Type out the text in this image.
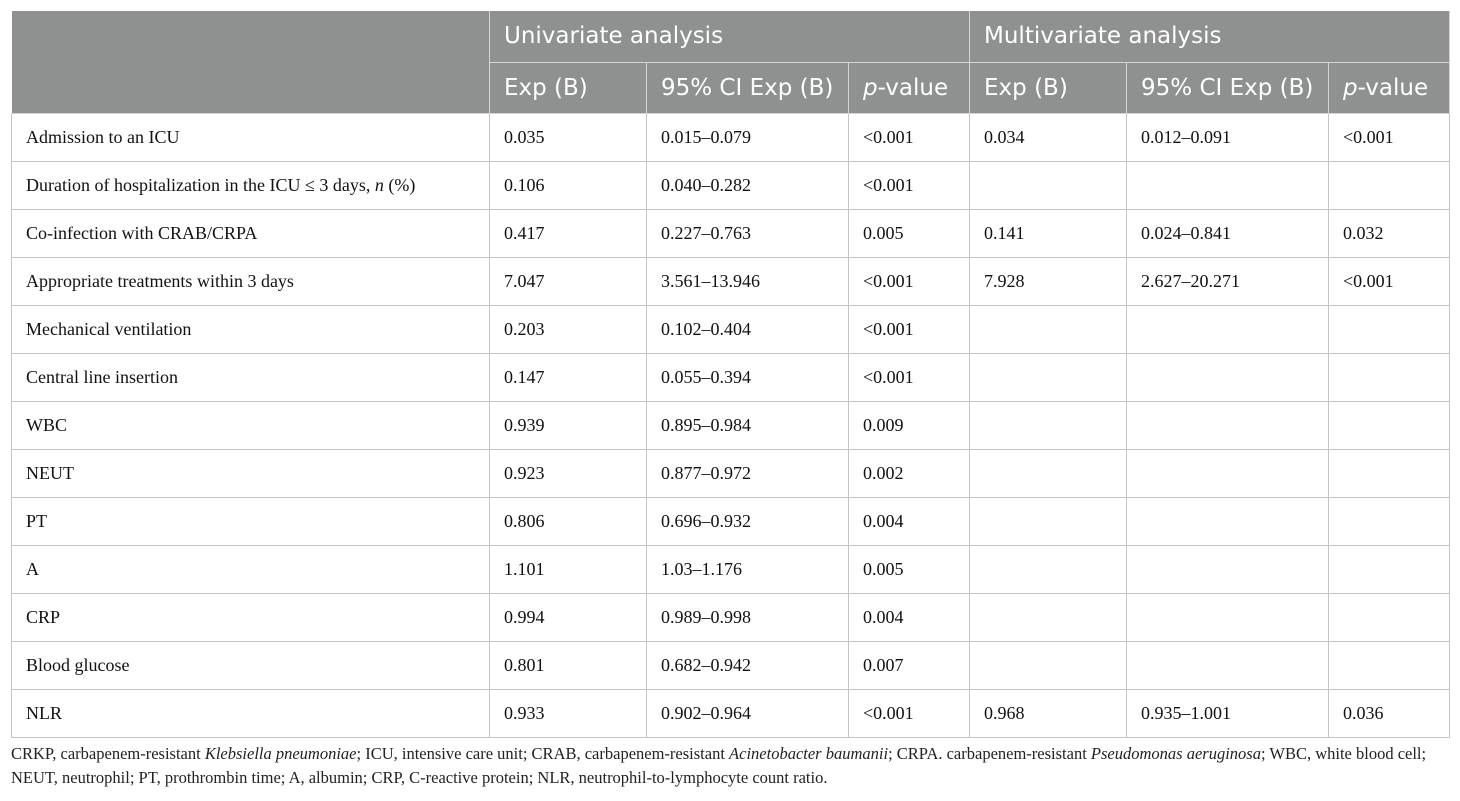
	Univariate analysis			Multivariate analysis		
	Exp (B)	95% CI Exp (B)	p-value	Exp (B)	95% CI Exp (B)	p-value
Admission to an ICU	0.035	0.015–0.079	<0.001	0.034	0.012–0.091	<0.001
Duration of hospitalization in the ICU ≤ 3 days, n (%)	0.106	0.040–0.282	<0.001			
Co-infection with CRAB/CRPA	0.417	0.227–0.763	0.005	0.141	0.024–0.841	0.032
Appropriate treatments within 3 days	7.047	3.561–13.946	<0.001	7.928	2.627–20.271	<0.001
Mechanical ventilation	0.203	0.102–0.404	<0.001			
Central line insertion	0.147	0.055–0.394	<0.001			
WBC	0.939	0.895–0.984	0.009			
NEUT	0.923	0.877–0.972	0.002			
PT	0.806	0.696–0.932	0.004			
A	1.101	1.03–1.176	0.005			
CRP	0.994	0.989–0.998	0.004			
Blood glucose	0.801	0.682–0.942	0.007			
NLR	0.933	0.902–0.964	<0.001	0.968	0.935–1.001	0.036
CRKP, carbapenem-resistant Klebsiella pneumoniae; ICU, intensive care unit; CRAB, carbapenem-resistant Acinetobacter baumanii; CRPA. carbapenem-resistant Pseudomonas aeruginosa; WBC, white blood cell; NEUT, neutrophil; PT, prothrombin time; A, albumin; CRP, C-reactive protein; NLR, neutrophil-to-lymphocyte count ratio.
